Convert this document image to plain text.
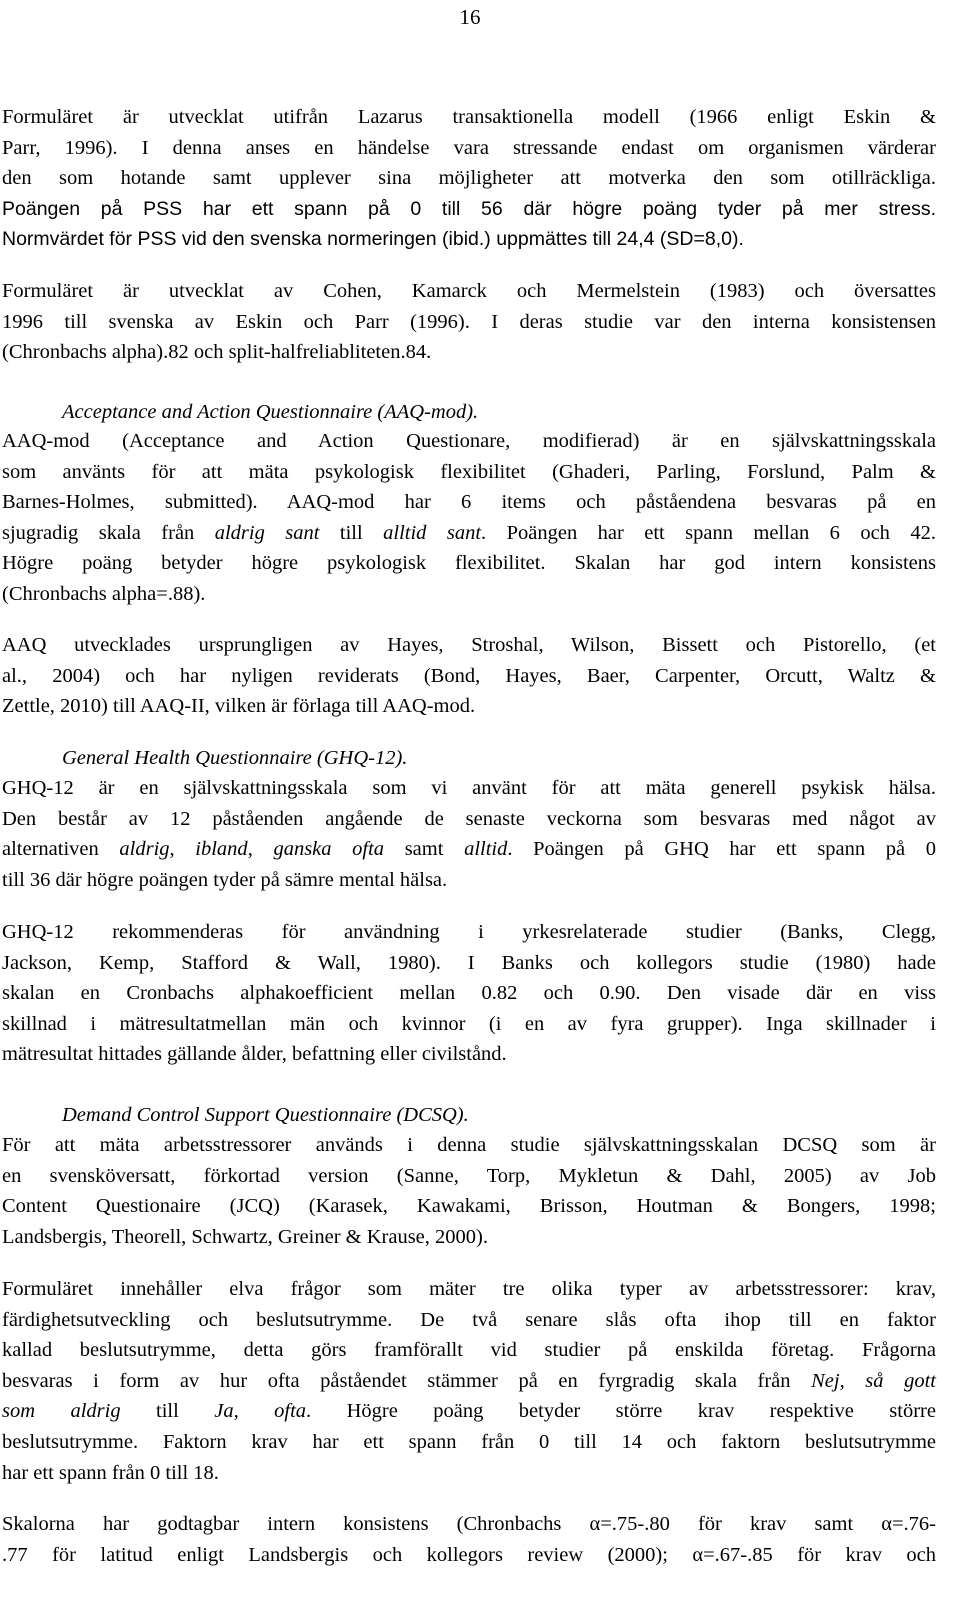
16
Formuläret är utvecklat utifrån Lazarus transaktionella modell (1966 enligt Eskin &
Parr, 1996). I denna anses en händelse vara stressande endast om organismen värderar
den som hotande samt upplever sina möjligheter att motverka den som otillräckliga.
Poängen på PSS har ett spann på 0 till 56 där högre poäng tyder på mer stress.
Normvärdet för PSS vid den svenska normeringen (ibid.) uppmättes till 24,4 (SD=8,0).
Formuläret är utvecklat av Cohen, Kamarck och Mermelstein (1983) och översattes
1996 till svenska av Eskin och Parr (1996). I deras studie var den interna konsistensen
(Chronbachs alpha).82 och split-halfreliabliteten.84.
Acceptance and Action Questionnaire (AAQ-mod).
AAQ-mod (Acceptance and Action Questionare, modifierad) är en självskattningsskala
som använts för att mäta psykologisk flexibilitet (Ghaderi, Parling, Forslund, Palm &
Barnes-Holmes, submitted). AAQ-mod har 6 items och påståendena besvaras på en
sjugradig skala från aldrig sant till alltid sant. Poängen har ett spann mellan 6 och 42.
Högre poäng betyder högre psykologisk flexibilitet. Skalan har god intern konsistens
(Chronbachs alpha=.88).
AAQ utvecklades ursprungligen av Hayes, Stroshal, Wilson, Bissett och Pistorello, (et
al., 2004) och har nyligen reviderats (Bond, Hayes, Baer, Carpenter, Orcutt, Waltz &
Zettle, 2010) till AAQ-II, vilken är förlaga till AAQ-mod.
General Health Questionnaire (GHQ-12).
GHQ-12 är en självskattningsskala som vi använt för att mäta generell psykisk hälsa.
Den består av 12 påståenden angående de senaste veckorna som besvaras med något av
alternativen aldrig, ibland, ganska ofta samt alltid. Poängen på GHQ har ett spann på 0
till 36 där högre poängen tyder på sämre mental hälsa.
GHQ-12 rekommenderas för användning i yrkesrelaterade studier (Banks, Clegg,
Jackson, Kemp, Stafford & Wall, 1980). I Banks och kollegors studie (1980) hade
skalan en Cronbachs alphakoefficient mellan 0.82 och 0.90. Den visade där en viss
skillnad i mätresultatmellan män och kvinnor (i en av fyra grupper). Inga skillnader i
mätresultat hittades gällande ålder, befattning eller civilstånd.
Demand Control Support Questionnaire (DCSQ).
För att mäta arbetsstressorer används i denna studie självskattningsskalan DCSQ som är
en svensköversatt, förkortad version (Sanne, Torp, Mykletun & Dahl, 2005) av Job
Content Questionaire (JCQ) (Karasek, Kawakami, Brisson, Houtman & Bongers, 1998;
Landsbergis, Theorell, Schwartz, Greiner & Krause, 2000).
Formuläret innehåller elva frågor som mäter tre olika typer av arbetsstressorer: krav,
färdighetsutveckling och beslutsutrymme. De två senare slås ofta ihop till en faktor
kallad beslutsutrymme, detta görs framförallt vid studier på enskilda företag. Frågorna
besvaras i form av hur ofta påståendet stämmer på en fyrgradig skala från Nej, så gott
som aldrig till Ja, ofta. Högre poäng betyder större krav respektive större
beslutsutrymme. Faktorn krav har ett spann från 0 till 14 och faktorn beslutsutrymme
har ett spann från 0 till 18.
Skalorna har godtagbar intern konsistens (Chronbachs α=.75-.80 för krav samt α=.76-
.77 för latitud enligt Landsbergis och kollegors review (2000); α=.67-.85 för krav och
